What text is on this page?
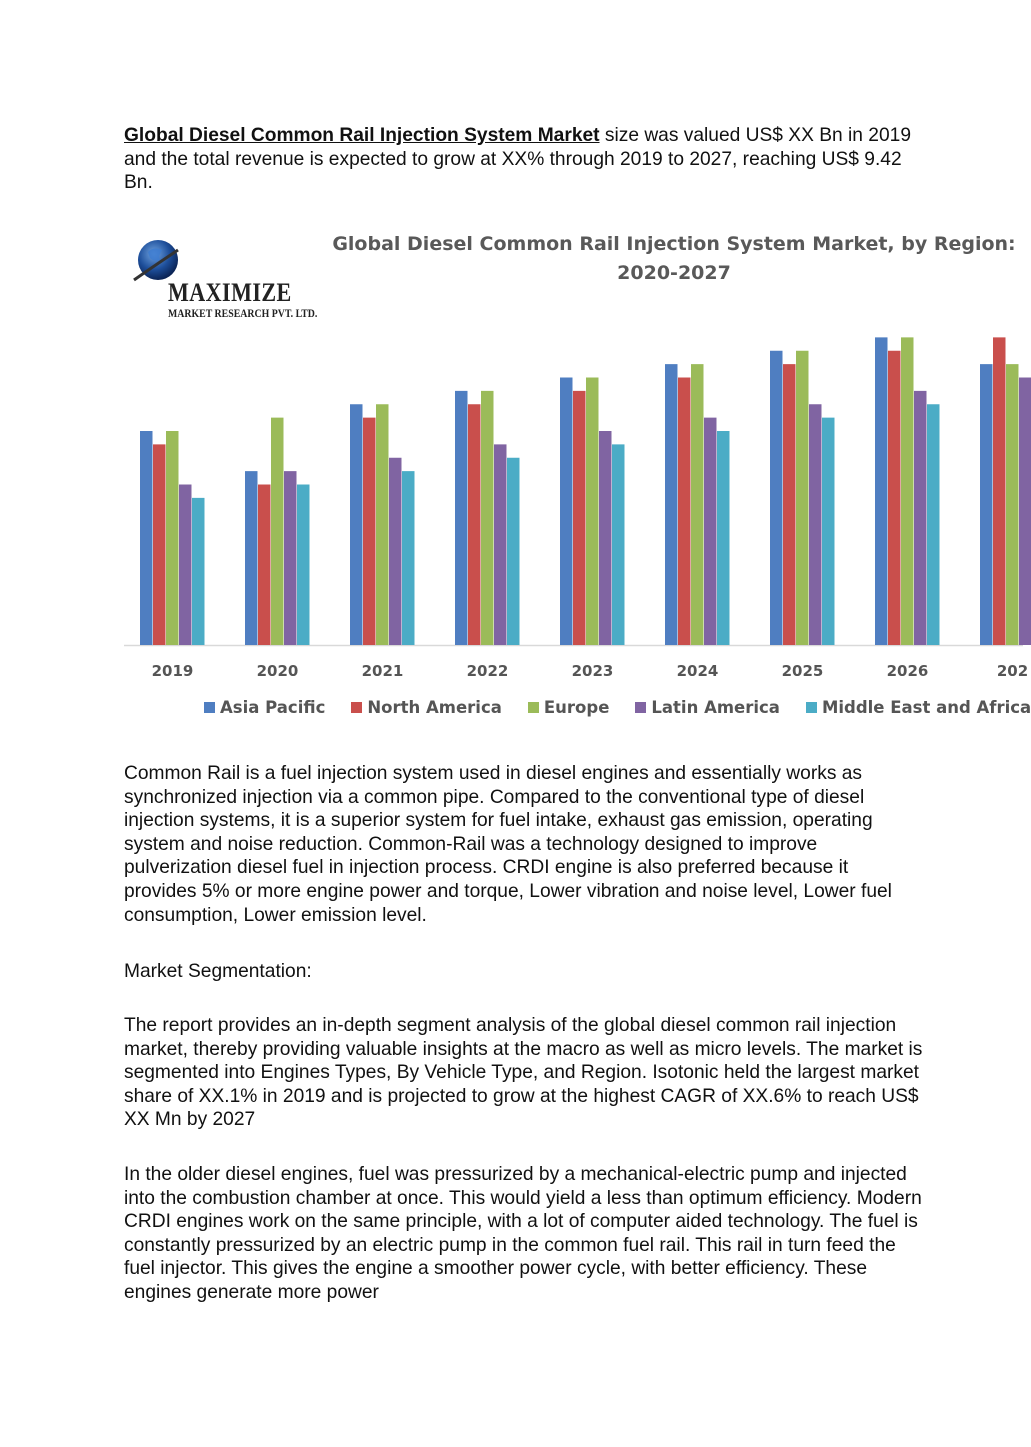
Global Diesel Common Rail Injection System Market size was valued US$ XX Bn in 2019 and the total revenue is expected to grow at XX% through 2019 to 2027, reaching US$ 9.42 Bn.

MAXIMIZE
MARKET RESEARCH PVT. LTD.
Global Diesel Common Rail Injection System Market, by Region:
2020-2027
2019	2020	2021	2022	2023	2024	2025	2026	202
Asia Pacific	North America	Europe	Latin America	Middle East and Africa

Common Rail is a fuel injection system used in diesel engines and essentially works as synchronized injection via a common pipe. Compared to the conventional type of diesel injection systems, it is a superior system for fuel intake, exhaust gas emission, operating system and noise reduction. Common-Rail was a technology designed to improve pulverization diesel fuel in injection process. CRDI engine is also preferred because it provides 5% or more engine power and torque, Lower vibration and noise level, Lower fuel consumption, Lower emission level.

Market Segmentation:

The report provides an in-depth segment analysis of the global diesel common rail injection market, thereby providing valuable insights at the macro as well as micro levels. The market is segmented into Engines Types, By Vehicle Type, and Region. Isotonic held the largest market share of XX.1% in 2019 and is projected to grow at the highest CAGR of XX.6% to reach US$ XX Mn by 2027

In the older diesel engines, fuel was pressurized by a mechanical-electric pump and injected into the combustion chamber at once. This would yield a less than optimum efficiency. Modern CRDI engines work on the same principle, with a lot of computer aided technology. The fuel is constantly pressurized by an electric pump in the common fuel rail. This rail in turn feed the fuel injector. This gives the engine a smoother power cycle, with better efficiency. These engines generate more power
